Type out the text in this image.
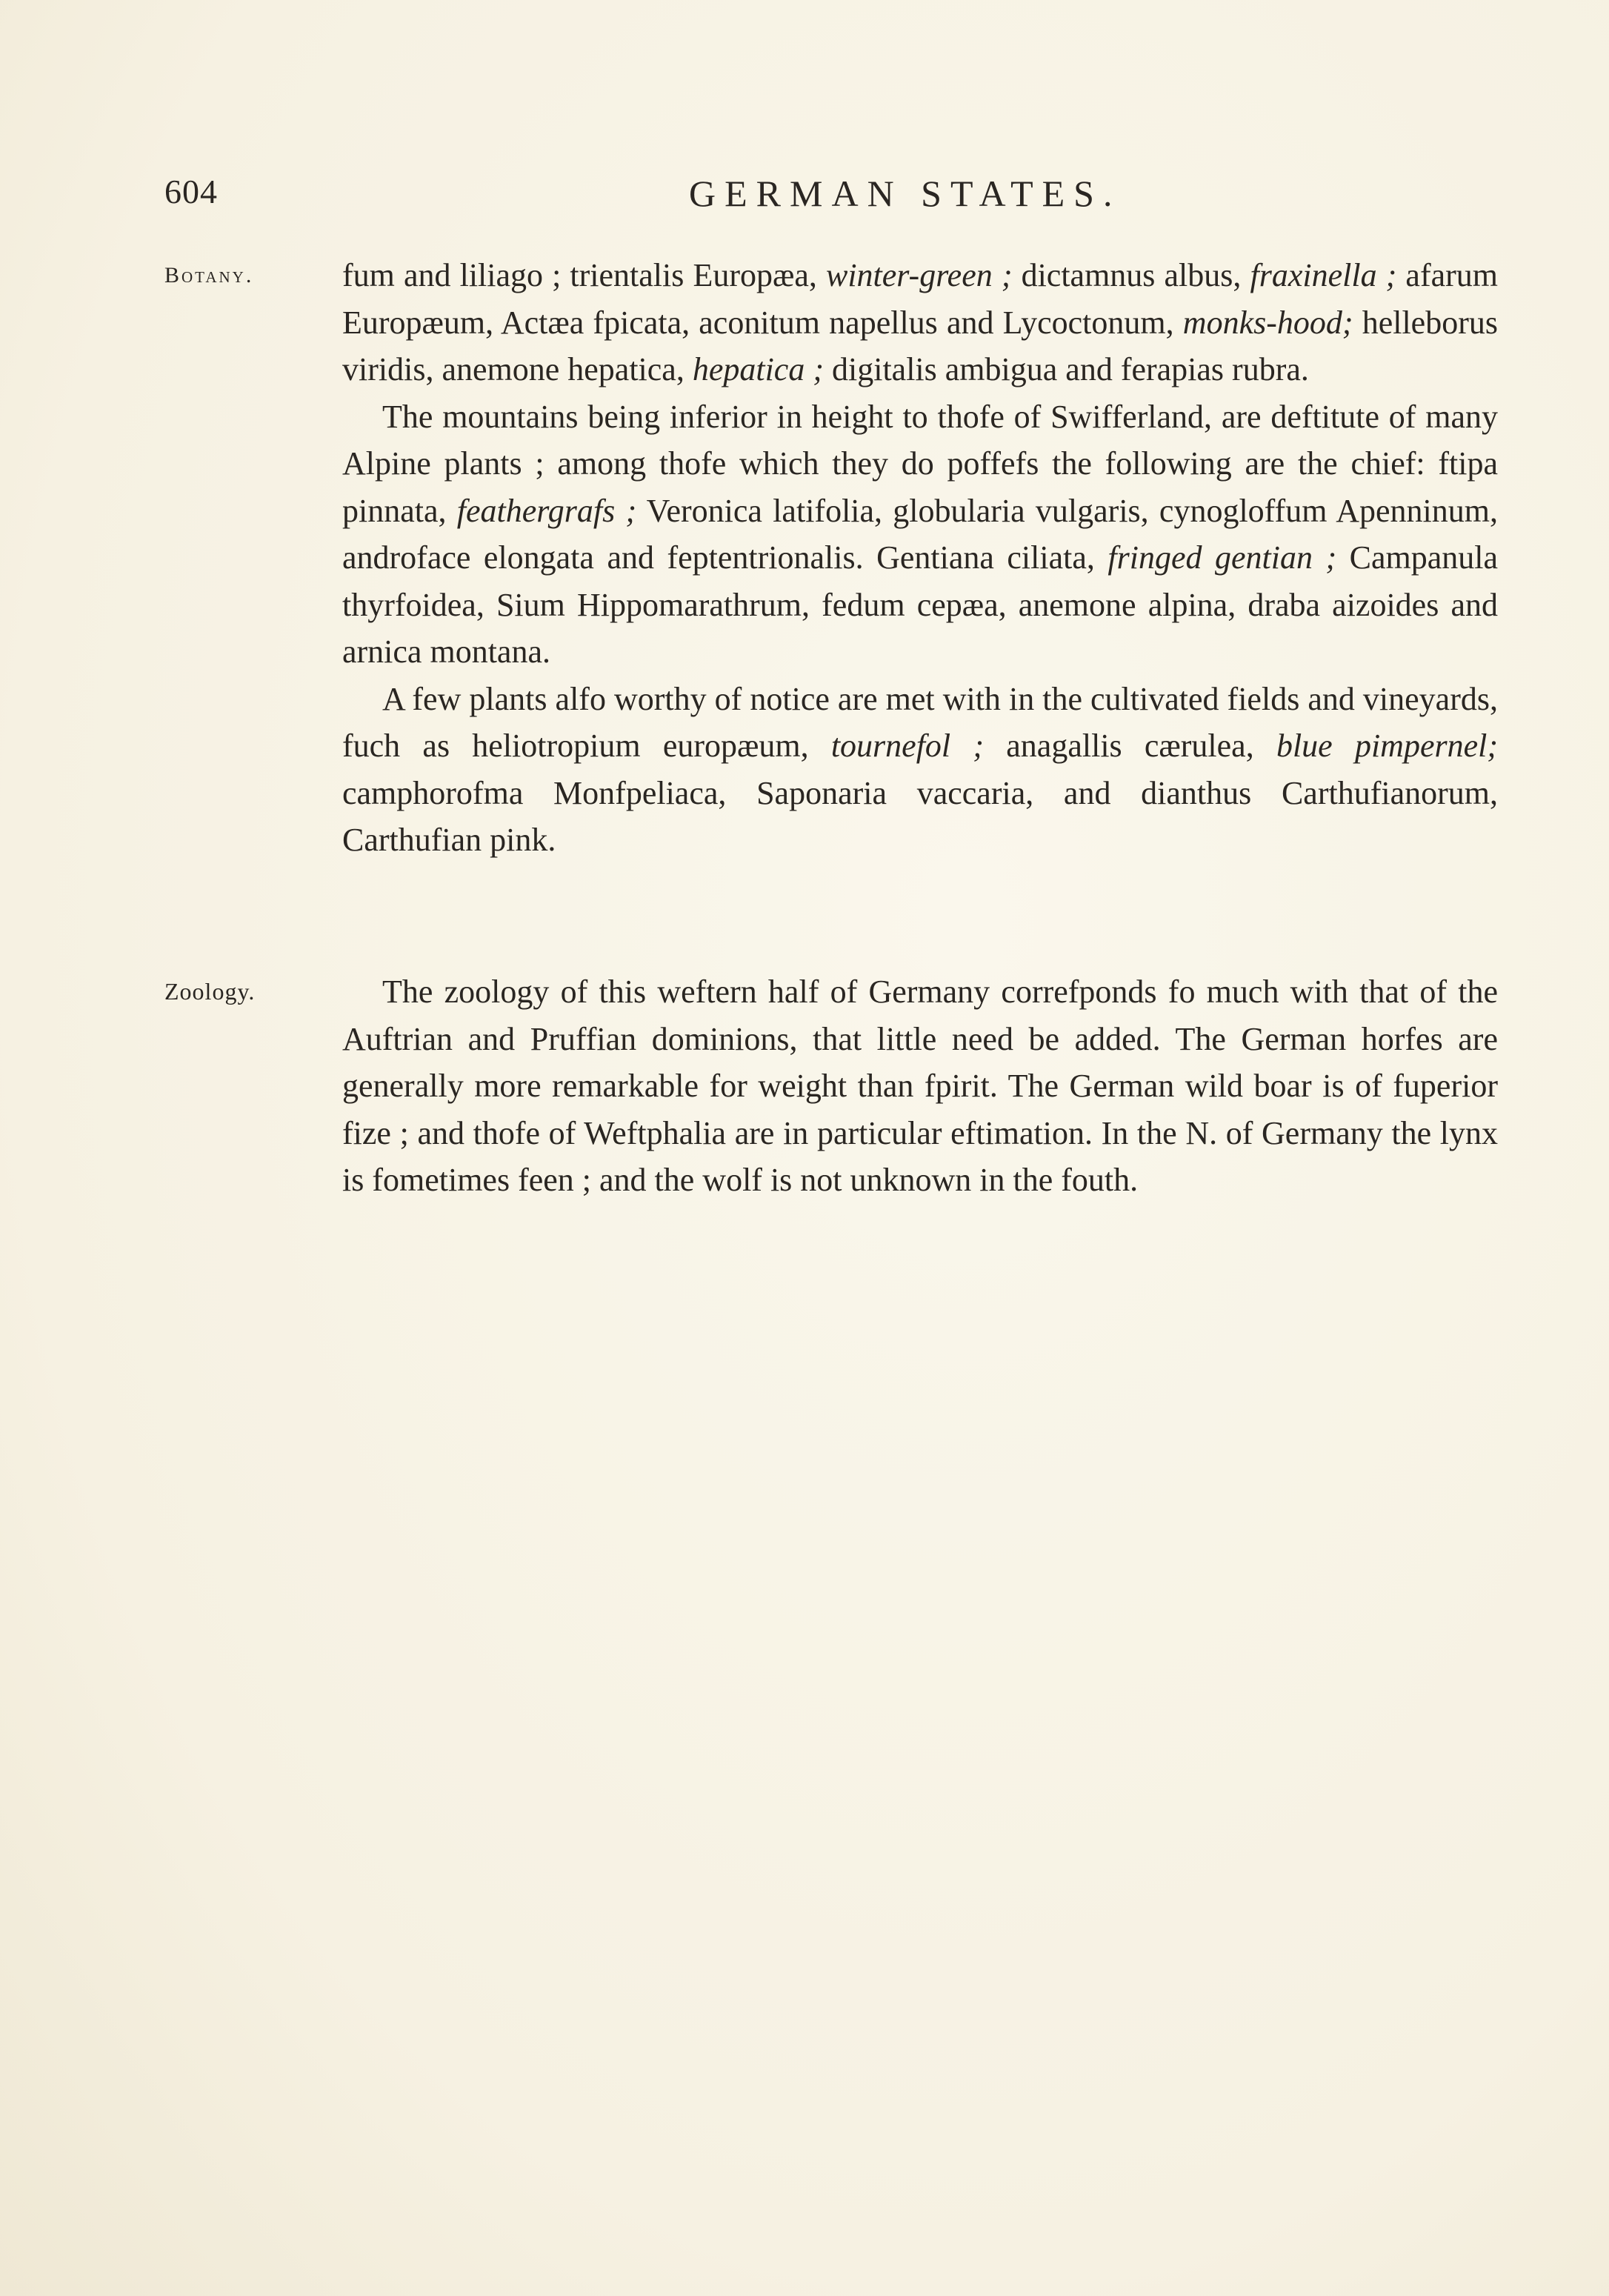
604	GERMAN STATES.
Botany.
Zoology.

fum and liliago ; trientalis Europæa, winter-green ; dictamnus albus, fraxinella ; afarum Europæum, Actæa fpicata, aconitum napellus and Lycoctonum, monks-hood; helleborus viridis, anemone hepatica, hepatica ; digitalis ambigua and ferapias rubra.

The mountains being inferior in height to thofe of Swifferland, are deftitute of many Alpine plants ; among thofe which they do poffefs the following are the chief: ftipa pinnata, feathergrafs ; Veronica latifolia, globularia vulgaris, cynogloffum Apenninum, androface elongata and feptentrionalis. Gentiana ciliata, fringed gentian ; Campanula thyrfoidea, Sium Hippomarathrum, fedum cepæa, anemone alpina, draba aizoides and arnica montana.

A few plants alfo worthy of notice are met with in the cultivated fields and vineyards, fuch as heliotropium europæum, tournefol ; anagallis cærulea, blue pimpernel; camphorofma Monfpeliaca, Saponaria vaccaria, and dianthus Carthufianorum, Carthufian pink.

The zoology of this weftern half of Germany correfponds fo much with that of the Auftrian and Pruffian dominions, that little need be added. The German horfes are generally more remarkable for weight than fpirit. The German wild boar is of fuperior fize ; and thofe of Weftphalia are in particular eftimation. In the N. of Germany the lynx is fometimes feen ; and the wolf is not unknown in the fouth.
